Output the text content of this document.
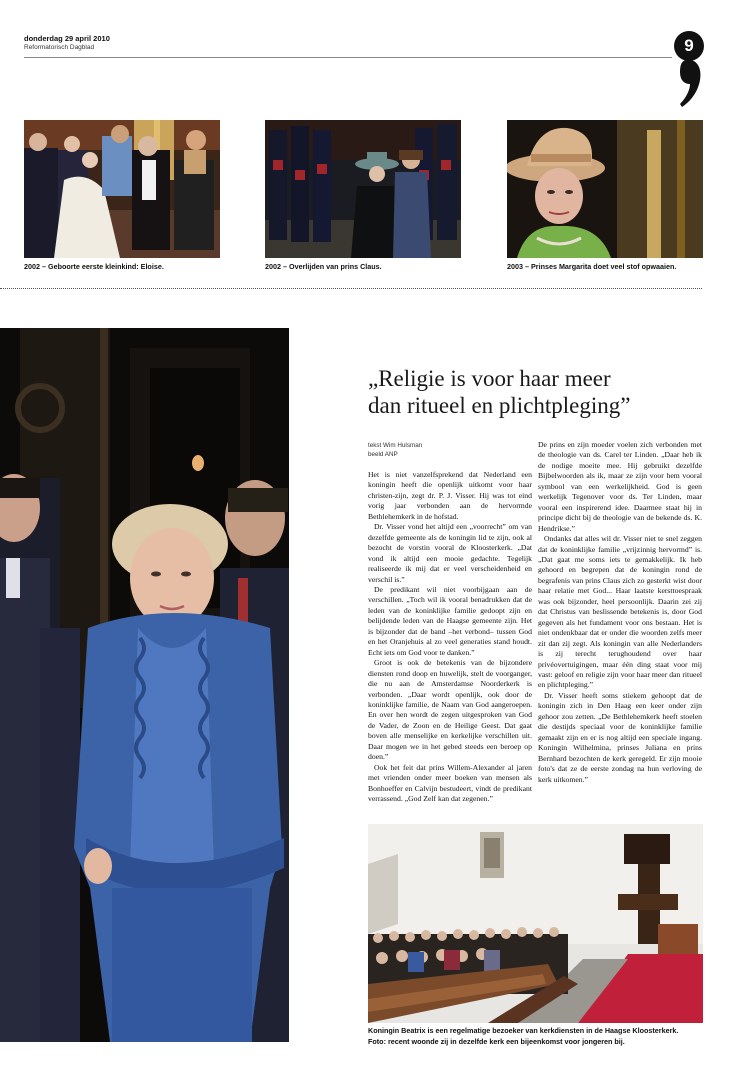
donderdag 29 april 2010
Reformatorisch Dagblad	9
2002 – Geboorte eerste kleinkind: Eloise.	2002 – Overlijden van prins Claus.	2003 – Prinses Margarita doet veel stof opwaaien.
„Religie is voor haar meer
dan ritueel en plichtpleging”
tekst Wim Hulsman
beeld ANP

Het is niet vanzelfsprekend dat Nederland een koningin heeft die openlijk uitkomt voor haar christen-zijn, zegt dr. P. J. Visser. Hij was tot eind vorig jaar verbonden aan de hervormde Bethlehemkerk in de hofstad.

Dr. Visser vond het altijd een „voorrecht” om van dezelfde gemeente als de koningin lid te zijn, ook al bezocht de vorstin vooral de Kloosterkerk. „Dat vond ik altijd een mooie gedachte. Tegelijk realiseerde ik mij dat er veel verscheidenheid en verschil is.”

De predikant wil niet voorbijgaan aan de verschillen. „Toch wil ik vooral benadrukken dat de leden van de koninklijke familie gedoopt zijn en belijdende leden van de Haagse gemeente zijn. Het is bijzonder dat de band –het verbond– tussen God en het Oranjehuis al zo veel generaties stand houdt. Echt iets om God voor te danken.”

Groot is ook de betekenis van de bijzondere diensten rond doop en huwelijk, stelt de voorganger, die nu aan de Amsterdamse Noorderkerk is verbonden. „Daar wordt openlijk, ook door de koninklijke familie, de Naam van God aangeroepen. En over hen wordt de zegen uitgesproken van God de Vader, de Zoon en de Heilige Geest. Dat gaat boven alle menselijke en kerkelijke verschillen uit. Daar mogen we in het gebed steeds een beroep op doen.”

Ook het feit dat prins Willem-Alexander al jaren met vrienden onder meer boeken van mensen als Bonhoeffer en Calvijn bestudeert, vindt de predikant verrassend. „God Zelf kan dat zegenen.”

De prins en zijn moeder voelen zich verbonden met de theologie van ds. Carel ter Linden. „Daar heb ik de nodige moeite mee. Hij gebruikt dezelfde Bijbelwoorden als ik, maar ze zijn voor hem vooral symbool van een werkelijkheid. God is geen werkelijk Tegenover voor ds. Ter Linden, maar vooral een inspirerend idee. Daarmee staat hij in principe dicht bij de theologie van de bekende ds. K. Hendrikse.”

Ondanks dat alles wil dr. Visser niet te snel zeggen dat de koninklijke familie „vrijzinnig hervormd” is. „Dat gaat me soms iets te gemakkelijk. Ik heb gehoord en begrepen dat de koningin rond de begrafenis van prins Claus zich zo gesterkt wist door haar relatie met God... Haar laatste kersttoespraak was ook bijzonder, heel persoonlijk. Daarin zei zij dat Christus van beslissende betekenis is, door God gegeven als het fundament voor ons bestaan. Het is niet ondenkbaar dat er onder die woorden zelfs meer zit dan zij zegt. Als koningin van alle Nederlanders is zij terecht terughoudend over haar privéovertuigingen, maar één ding staat voor mij vast: geloof en religie zijn voor haar meer dan ritueel en plichtpleging.”

Dr. Visser heeft soms stiekem gehoopt dat de koningin zich in Den Haag een keer onder zijn gehoor zou zetten. „De Bethlehemkerk heeft stoelen die destijds speciaal voor de koninklijke familie gemaakt zijn en er is nog altijd een speciale ingang. Koningin Wilhelmina, prinses Juliana en prins Bernhard bezochten de kerk geregeld. Er zijn mooie foto's dat ze de eerste zondag na hun verloving de kerk uitkomen.”

Koningin Beatrix is een regelmatige bezoeker van kerkdiensten in de Haagse Kloosterkerk.
Foto: recent woonde zij in dezelfde kerk een bijeenkomst voor jongeren bij.
